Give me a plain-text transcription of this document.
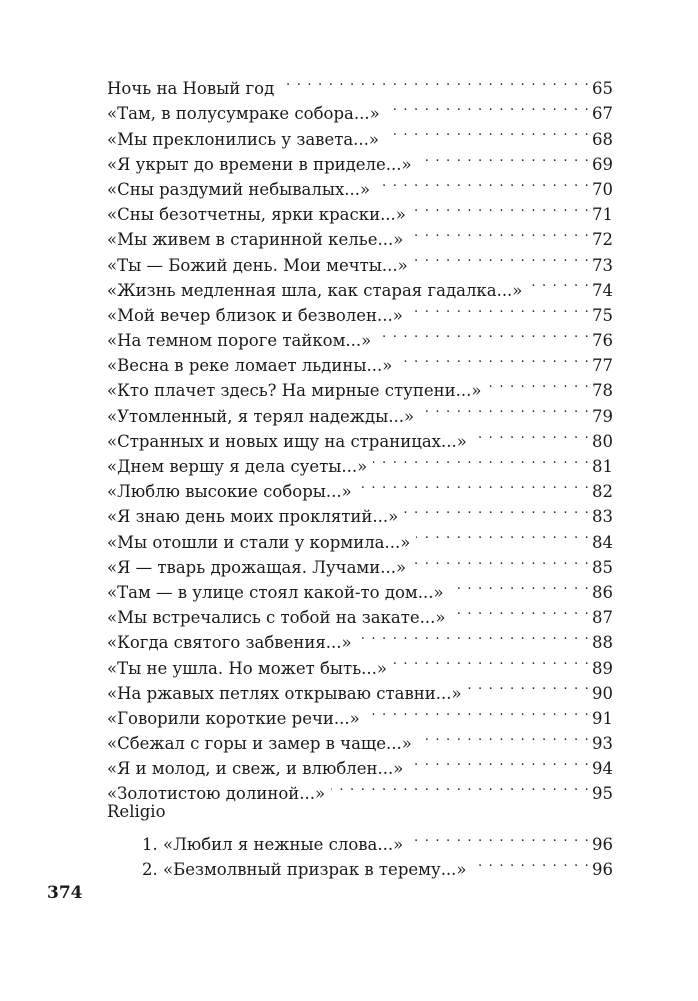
Ночь на Новый год . . .	65
«Там, в полусумраке собора...» . . .	67
«Мы преклонились у завета...» . . .	68
«Я укрыт до времени в приделе...» . . .	69
«Сны раздумий небывалых...» . . .	70
«Сны безотчетны, ярки краски...» . . .	71
«Мы живем в старинной келье...» . . .	72
«Ты — Божий день. Мои мечты...» . . .	73
«Жизнь медленная шла, как старая гадалка...» . . .	74
«Мой вечер близок и безволен...» . . .	75
«На темном пороге тайком...» . . .	76
«Весна в реке ломает льдины...» . . .	77
«Кто плачет здесь? На мирные ступени...» . . .	78
«Утомленный, я терял надежды...» . . .	79
«Странных и новых ищу на страницах...» . . .	80
«Днем вершу я дела суеты...» . . .	81
«Люблю высокие соборы...» . . .	82
«Я знаю день моих проклятий...» . . .	83
«Мы отошли и стали у кормила...» . . .	84
«Я — тварь дрожащая. Лучами...» . . .	85
«Там — в улице стоял какой-то дом...» . . .	86
«Мы встречались с тобой на закате...» . . .	87
«Когда святого забвения...» . . .	88
«Ты не ушла. Но может быть...» . . .	89
«На ржавых петлях открываю ставни...» . . .	90
«Говорили короткие речи...» . . .	91
«Сбежал с горы и замер в чаще...» . . .	93
«Я и молод, и свеж, и влюблен...» . . .	94
«Золотистою долиной...» . . .	95
Religio
1. «Любил я нежные слова...» . . .	96
2. «Безмолвный призрак в терему...» . . .	96
374
